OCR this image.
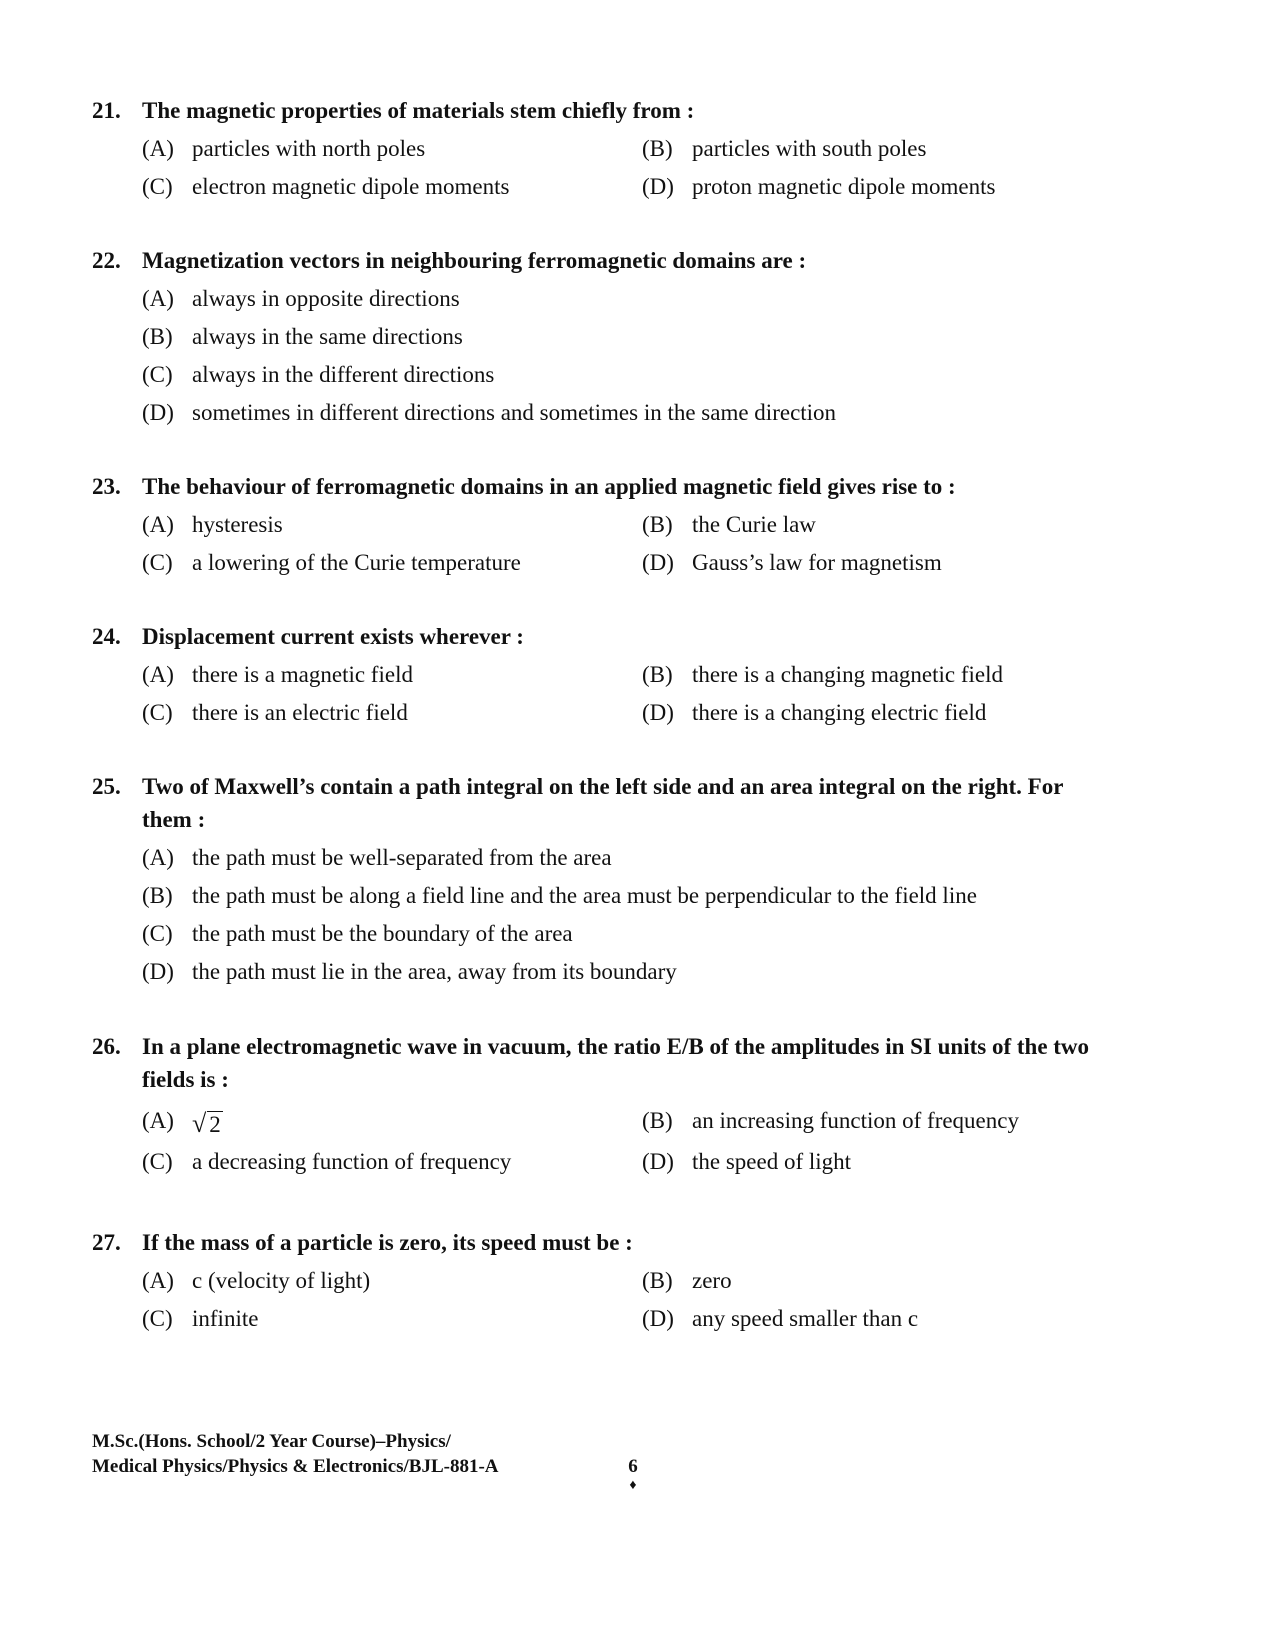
21. The magnetic properties of materials stem chiefly from :
(A) particles with north poles	(B) particles with south poles
(C) electron magnetic dipole moments	(D) proton magnetic dipole moments
22. Magnetization vectors in neighbouring ferromagnetic domains are :
(A) always in opposite directions
(B) always in the same directions
(C) always in the different directions
(D) sometimes in different directions and sometimes in the same direction
23. The behaviour of ferromagnetic domains in an applied magnetic field gives rise to :
(A) hysteresis	(B) the Curie law
(C) a lowering of the Curie temperature	(D) Gauss’s law for magnetism
24. Displacement current exists wherever :
(A) there is a magnetic field	(B) there is a changing magnetic field
(C) there is an electric field	(D) there is a changing electric field
25. Two of Maxwell’s contain a path integral on the left side and an area integral on the right. For them :
(A) the path must be well-separated from the area
(B) the path must be along a field line and the area must be perpendicular to the field line
(C) the path must be the boundary of the area
(D) the path must lie in the area, away from its boundary
26. In a plane electromagnetic wave in vacuum, the ratio E/B of the amplitudes in SI units of the two fields is :
(A) √ 2	(B) an increasing function of frequency
(C) a decreasing function of frequency	(D) the speed of light
27. If the mass of a particle is zero, its speed must be :
(A) c (velocity of light)	(B) zero
(C) infinite	(D) any speed smaller than c
M.Sc.(Hons. School/2 Year Course)–Physics/
Medical Physics/Physics & Electronics/BJL-881-A	6
♦
